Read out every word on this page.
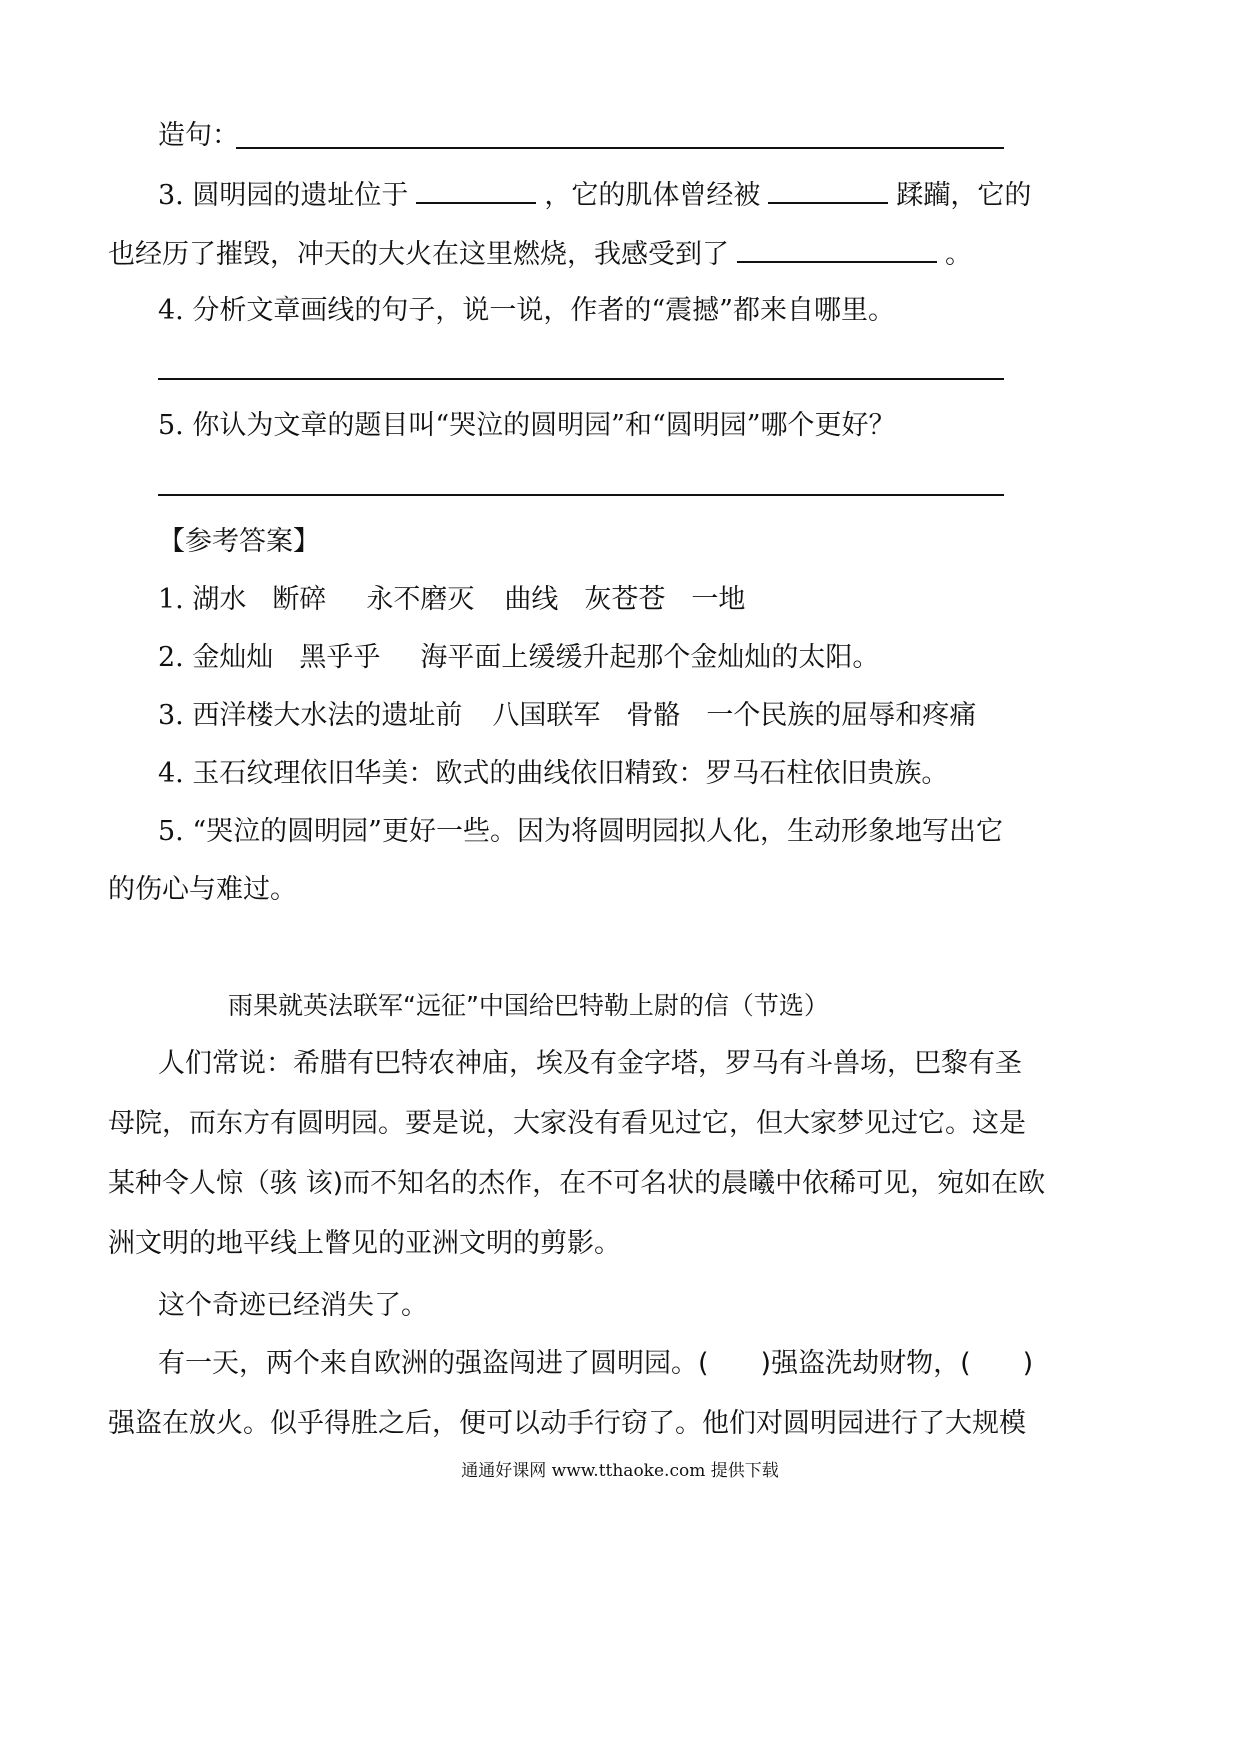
造句：
3. 圆明园的遗址位于	，它的肌体曾经被	蹂躏，它的
也经历了摧毁，冲天的大火在这里燃烧，我感受到了	。
4. 分析文章画线的句子，说一说，作者的“震撼”都来自哪里。
5. 你认为文章的题目叫“哭泣的圆明园”和“圆明园”哪个更好？
【参考答案】
1. 湖水 断碎 永不磨灭 曲线 灰苍苍 一地
2. 金灿灿 黑乎乎 海平面上缓缓升起那个金灿灿的太阳。
3. 西洋楼大水法的遗址前 八国联军 骨骼 一个民族的屈辱和疼痛
4. 玉石纹理依旧华美：欧式的曲线依旧精致：罗马石柱依旧贵族。
5. “哭泣的圆明园”更好一些。因为将圆明园拟人化，生动形象地写出它
的伤心与难过。
雨果就英法联军“远征”中国给巴特勒上尉的信（节选）
人们常说：希腊有巴特农神庙，埃及有金字塔，罗马有斗兽场，巴黎有圣
母院，而东方有圆明园。要是说，大家没有看见过它，但大家梦见过它。这是
某种令人惊（骇 该)而不知名的杰作，在不可名状的晨曦中依稀可见，宛如在欧
洲文明的地平线上瞥见的亚洲文明的剪影。
这个奇迹已经消失了。
有一天，两个来自欧洲的强盗闯进了圆明园。( )强盗洗劫财物，( )
强盗在放火。似乎得胜之后，便可以动手行窃了。他们对圆明园进行了大规模
通通好课网 www.tthaoke.com 提供下载
